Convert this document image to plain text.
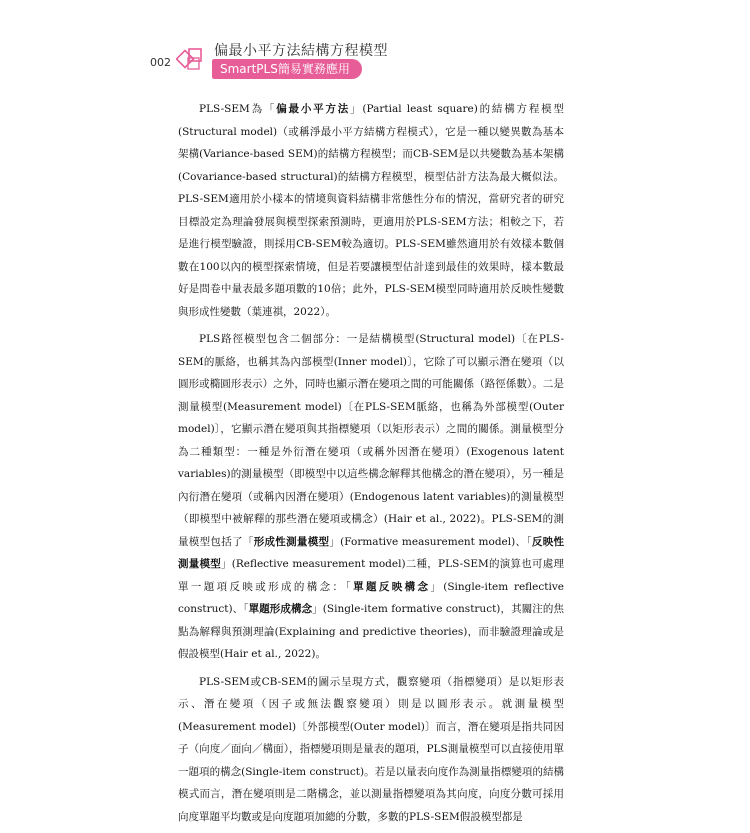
002
偏最小平方法結構方程模型
SmartPLS簡易實務應用

PLS-SEM為「偏最小平方法」(Partial least square)的結構方程模型(Structural model)（或稱淨最小平方結構方程模式），它是一種以變異數為基本架構(Variance-based SEM)的結構方程模型；而CB-SEM是以共變數為基本架構(Covariance-based structural)的結構方程模型，模型估計方法為最大概似法。PLS-SEM適用於小樣本的情境與資料結構非常態性分布的情況，當研究者的研究目標設定為理論發展與模型探索預測時，更適用於PLS-SEM方法；相較之下，若是進行模型驗證，則採用CB-SEM較為適切。PLS-SEM雖然適用於有效樣本數個數在100以內的模型探索情境，但是若要讓模型估計達到最佳的效果時，樣本數最好是問卷中量表最多題項數的10倍；此外，PLS-SEM模型同時適用於反映性變數與形成性變數（葉連祺，2022）。

PLS路徑模型包含二個部分：一是結構模型(Structural model)〔在PLS-SEM的脈絡，也稱其為內部模型(Inner model)〕，它除了可以顯示潛在變項（以圓形或橢圓形表示）之外，同時也顯示潛在變項之間的可能關係（路徑係數）。二是測量模型(Measurement model)〔在PLS-SEM脈絡，也稱為外部模型(Outer model)〕，它顯示潛在變項與其指標變項（以矩形表示）之間的關係。測量模型分為二種類型：一種是外衍潛在變項（或稱外因潛在變項）(Exogenous latent variables)的測量模型（即模型中以這些構念解釋其他構念的潛在變項），另一種是內衍潛在變項（或稱內因潛在變項）(Endogenous latent variables)的測量模型（即模型中被解釋的那些潛在變項或構念）(Hair et al., 2022)。PLS-SEM的測量模型包括了「形成性測量模型」(Formative measurement model)、「反映性測量模型」(Reflective measurement model)二種，PLS-SEM的演算也可處理單一題項反映或形成的構念：「單題反映構念」(Single-item reflective construct)、「單題形成構念」(Single-item formative construct)，其關注的焦點為解釋與預測理論(Explaining and predictive theories)，而非驗證理論或是假設模型(Hair et al., 2022)。

PLS-SEM或CB-SEM的圖示呈現方式，觀察變項（指標變項）是以矩形表示、潛在變項（因子或無法觀察變項）則是以圓形表示。就測量模型(Measurement model)〔外部模型(Outer model)〕而言，潛在變項是指共同因子（向度／面向／構面），指標變項則是量表的題項，PLS測量模型可以直接使用單一題項的構念(Single-item construct)。若是以量表向度作為測量指標變項的結構模式而言，潛在變項則是二階構念，並以測量指標變項為其向度，向度分數可採用向度單題平均數或是向度題項加總的分數，多數的PLS-SEM假設模型都是
